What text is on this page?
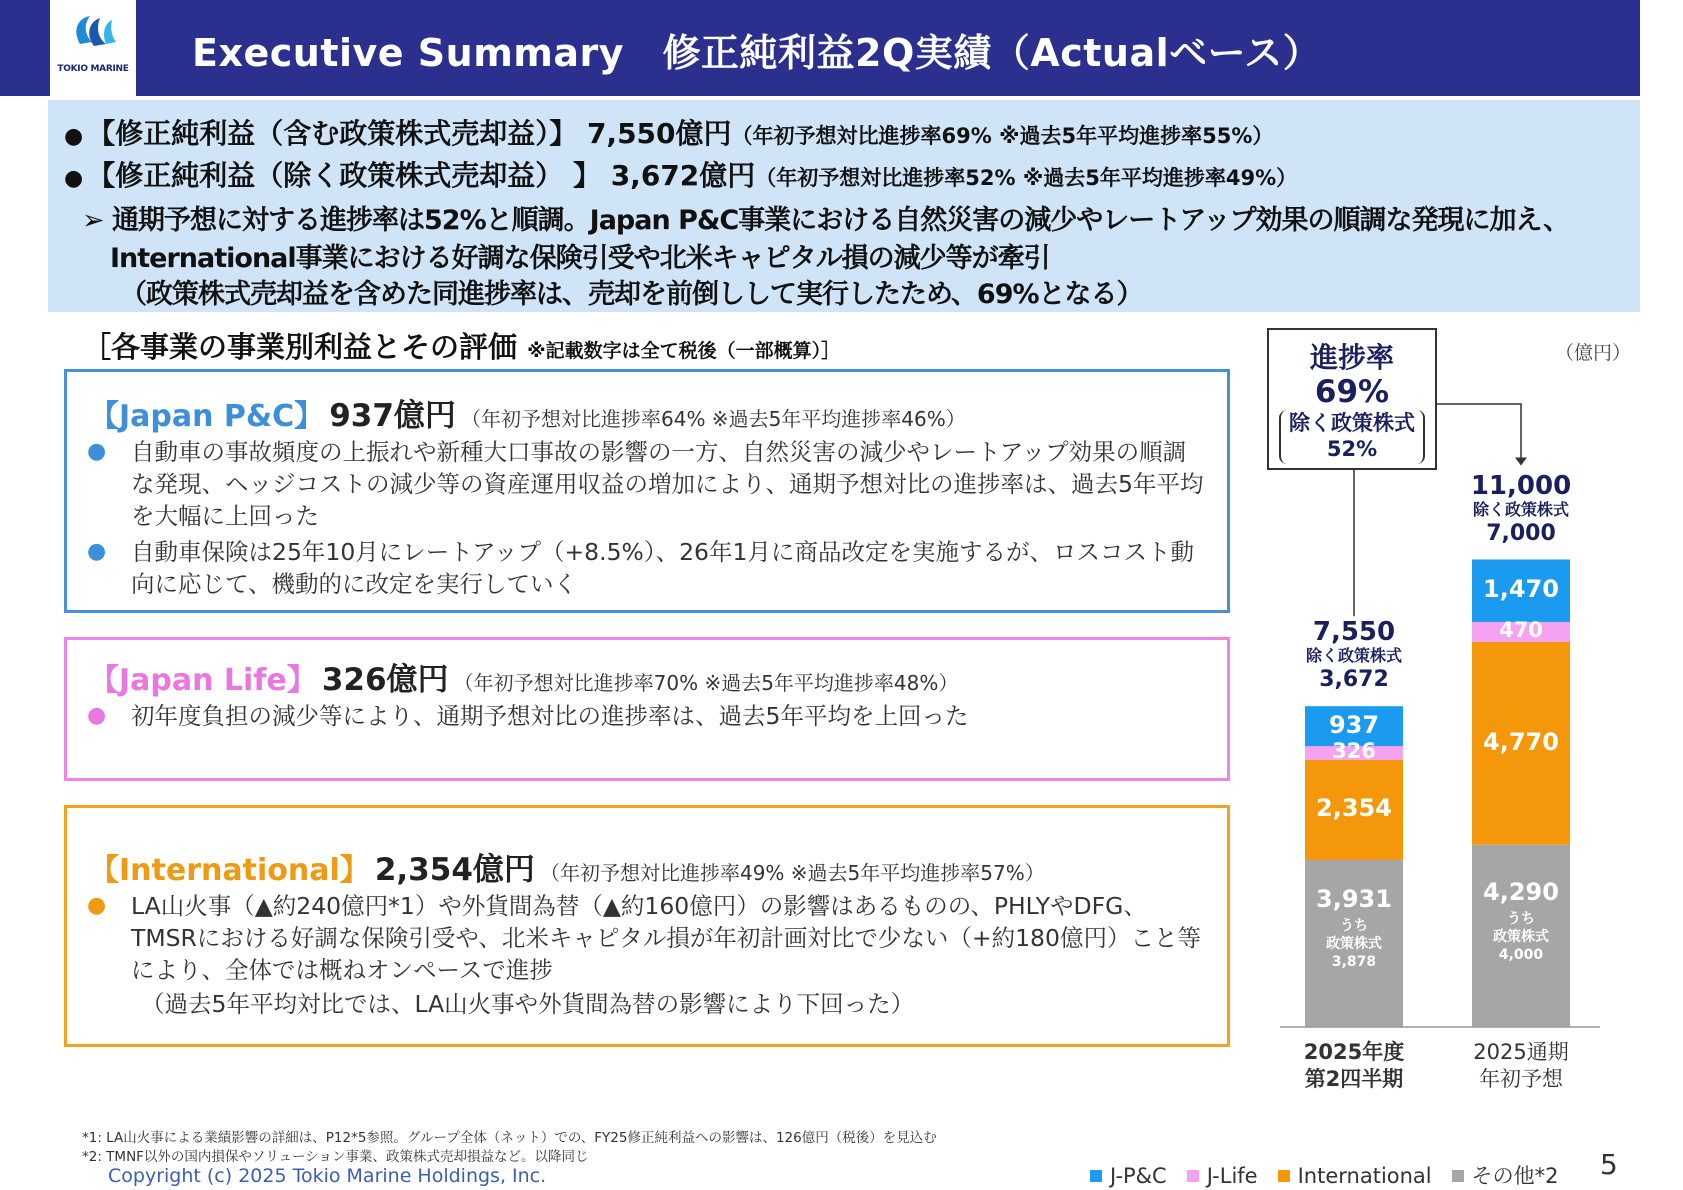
TOKIO MARINE Executive Summary　修正純利益2Q実績（Actualベース）
● 【修正純利益（含む政策株式売却益）】 7,550億円（年初予想対比進捗率69% ※過去5年平均進捗率55%）
● 【修正純利益（除く政策株式売却益） 】 3,672億円（年初予想対比進捗率52% ※過去5年平均進捗率49%）
➢ 通期予想に対する進捗率は52%と順調。Japan P&C事業における自然災害の減少やレートアップ効果の順調な発現に加え、
International事業における好調な保険引受や北米キャピタル損の減少等が牽引
（政策株式売却益を含めた同進捗率は、売却を前倒しして実行したため、69%となる）
［各事業の事業別利益とその評価 ※記載数字は全て税後（一部概算）］
【Japan P&C】 937億円 （年初予想対比進捗率64% ※過去5年平均進捗率46%）
● 自動車の事故頻度の上振れや新種大口事故の影響の一方、自然災害の減少やレートアップ効果の順調な発現、ヘッジコストの減少等の資産運用収益の増加により、通期予想対比の進捗率は、過去5年平均を大幅に上回った
● 自動車保険は25年10月にレートアップ（+8.5%）、26年1月に商品改定を実施するが、ロスコスト動向に応じて、機動的に改定を実行していく
【Japan Life】 326億円 （年初予想対比進捗率70% ※過去5年平均進捗率48%）
● 初年度負担の減少等により、通期予想対比の進捗率は、過去5年平均を上回った
【International】 2,354億円 （年初予想対比進捗率49% ※過去5年平均進捗率57%）
● LA山火事（▲約240億円*1）や外貨間為替（▲約160億円）の影響はあるものの、PHLYやDFG、TMSRにおける好調な保険引受や、北米キャピタル損が年初計画対比で少ない（+約180億円）こと等により、全体では概ねオンペースで進捗
（過去5年平均対比では、LA山火事や外貨間為替の影響により下回った）
（億円）
3,931
うち
政策株式
3,878
2,354
326
937
7,550
除く政策株式
3,672
2025年度
第2四半期
4,290
うち
政策株式
4,000
4,770
470
1,470
11,000
除く政策株式
7,000
2025通期
年初予想
進捗率
69%
除く政策株式
52%
*1: LA山火事による業績影響の詳細は、P12*5参照。グループ全体（ネット）での、FY25修正純利益への影響は、126億円（税後）を見込む
*2: TMNF以外の国内損保やソリューション事業、政策株式売却損益など。以降同じ
Copyright (c) 2025 Tokio Marine Holdings, Inc.	J-P&C J-Life International その他*2 5
